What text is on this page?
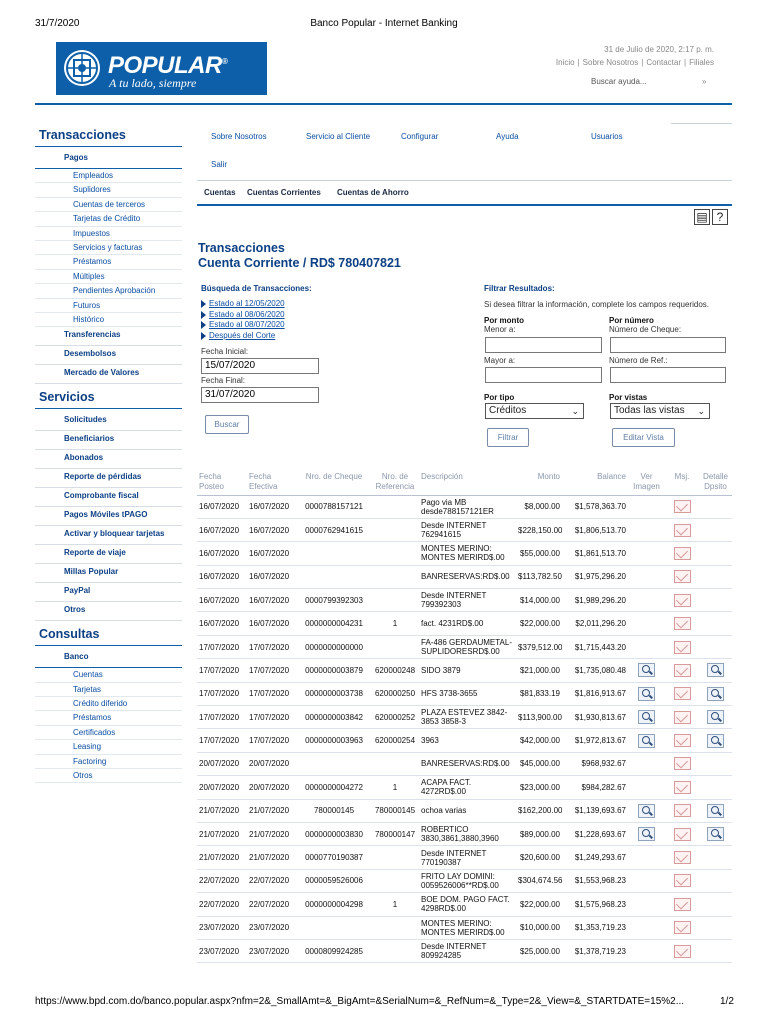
31/7/2020	Banco Popular - Internet Banking
POPULAR®
A tu lado, siempre
31 de Julio de 2020, 2:17 p. m.
Inicio | Sobre Nosotros | Contactar | Filiales
Buscar ayuda...	»
Transacciones
Pagos
Empleados
Suplidores
Cuentas de terceros
Tarjetas de Crédito
Impuestos
Servicios y facturas
Préstamos
Múltiples
Pendientes Aprobación
Futuros
Histórico
Transferencias
Desembolsos
Mercado de Valores
Servicios
Solicitudes
Beneficiarios
Abonados
Reporte de pérdidas
Comprobante fiscal
Pagos Móviles tPAGO
Activar y bloquear tarjetas
Reporte de viaje
Millas Popular
PayPal
Otros
Consultas
Banco
Cuentas
Tarjetas
Crédito diferido
Préstamos
Certificados
Leasing
Factoring
Otros
Sobre Nosotros	Servicio al Cliente	Configurar	Ayuda	Usuarios
Salir
Cuentas Cuentas Corrientes Cuentas de Ahorro
▤ ?
Transacciones
Cuenta Corriente / RD$ 780407821
Búsqueda de Transacciones:
Estado al 12/05/2020
Estado al 08/06/2020
Estado al 08/07/2020
Después del Corte
Fecha Inicial:
15/07/2020
Fecha Final:
31/07/2020
Buscar
Filtrar Resultados:
Si desea filtrar la información, complete los campos requeridos.
Por monto
Menor a:
Por número
Número de Cheque:
Mayor a:	Número de Ref.:
Por tipo	Por vistas
Créditos	⌄	Todas las vistas ⌄
Filtrar	Editar Vista
Fecha Posteo	Fecha Efectiva	Nro. de Cheque	Nro. de Referencia	Descripción	Monto	Balance	Ver Imagen	Msj.	Detalle Dpsito
16/07/2020	16/07/2020	0000788157121		Pago via MB desde788157121ER	$8,000.00	$1,578,363.70			
16/07/2020	16/07/2020	0000762941615		Desde INTERNET 762941615	$228,150.00	$1,806,513.70			
16/07/2020	16/07/2020			MONTES MERINO: MONTES MERIRD$.00	$55,000.00	$1,861,513.70			
16/07/2020	16/07/2020			BANRESERVAS:RD$.00	$113,782.50	$1,975,296.20			
16/07/2020	16/07/2020	0000799392303		Desde INTERNET 799392303	$14,000.00	$1,989,296.20			
16/07/2020	16/07/2020	0000000004231	1	fact. 4231RD$.00	$22,000.00	$2,011,296.20			
17/07/2020	17/07/2020	0000000000000		FA-486 GERDAUMETAL-SUPLIDORESRD$.00	$379,512.00	$1,715,443.20			
17/07/2020	17/07/2020	0000000003879	620000248	SIDO 3879	$21,000.00	$1,735,080.48			
17/07/2020	17/07/2020	0000000003738	620000250	HFS 3738-3655	$81,833.19	$1,816,913.67			
17/07/2020	17/07/2020	0000000003842	620000252	PLAZA ESTEVEZ 3842-3853 3858-3	$113,900.00	$1,930,813.67			
17/07/2020	17/07/2020	0000000003963	620000254	3963	$42,000.00	$1,972,813.67			
20/07/2020	20/07/2020			BANRESERVAS:RD$.00	$45,000.00	$968,932.67			
20/07/2020	20/07/2020	0000000004272	1	ACAPA FACT. 4272RD$.00	$23,000.00	$984,282.67			
21/07/2020	21/07/2020	780000145	780000145	ochoa varias	$162,200.00	$1,139,693.67			
21/07/2020	21/07/2020	0000000003830	780000147	ROBERTICO 3830,3861,3880,3960	$89,000.00	$1,228,693.67			
21/07/2020	21/07/2020	0000770190387		Desde INTERNET 770190387	$20,600.00	$1,249,293.67			
22/07/2020	22/07/2020	0000059526006		FRITO LAY DOMINI: 0059526006**RD$.00	$304,674.56	$1,553,968.23			
22/07/2020	22/07/2020	0000000004298	1	BOE DOM. PAGO FACT. 4298RD$.00	$22,000.00	$1,575,968.23			
23/07/2020	23/07/2020			MONTES MERINO: MONTES MERIRD$.00	$10,000.00	$1,353,719.23			
23/07/2020	23/07/2020	0000809924285		Desde INTERNET 809924285	$25,000.00	$1,378,719.23			
https://www.bpd.com.do/banco.popular.aspx?nfm=2&_SmallAmt=&_BigAmt=&SerialNum=&_RefNum=&_Type=2&_View=&_STARTDATE=15%2...	1/2
